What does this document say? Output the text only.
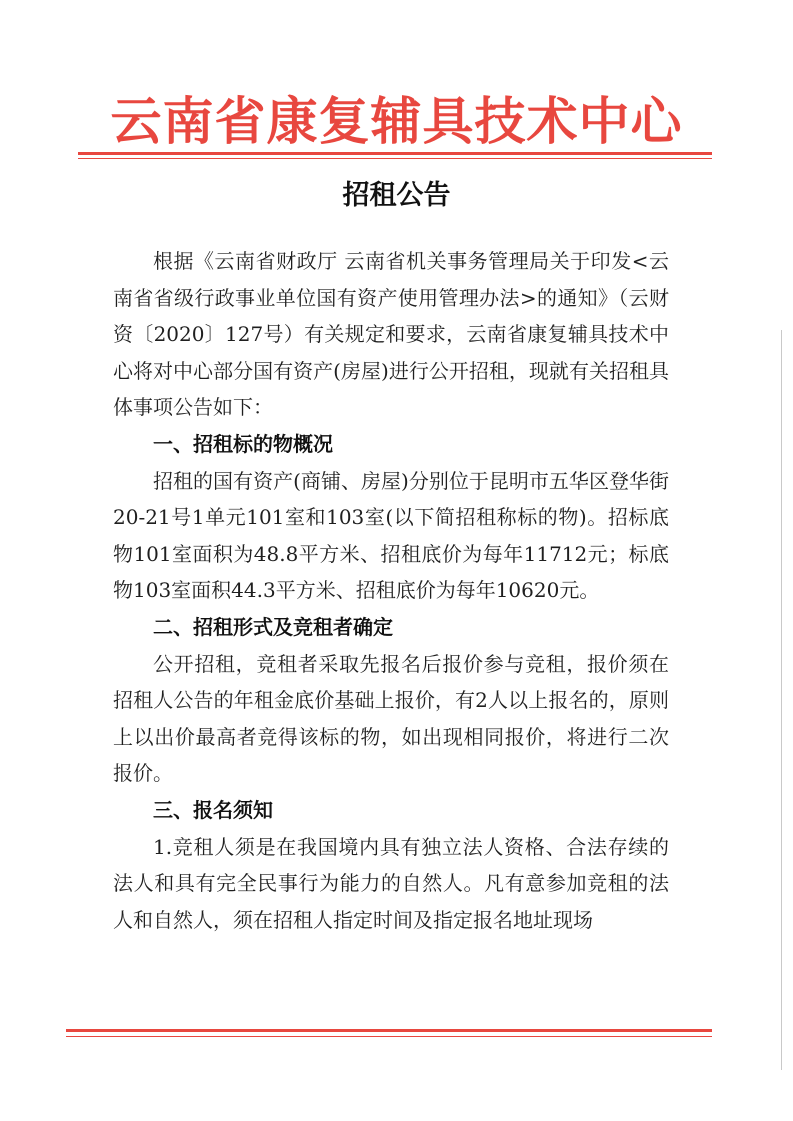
云南省康复辅具技术中心
招租公告

根据《云南省财政厅 云南省机关事务管理局关于印发<云南省省级行政事业单位国有资产使用管理办法>的通知》（云财资〔2020〕127号）有关规定和要求，云南省康复辅具技术中心将对中心部分国有资产(房屋)进行公开招租，现就有关招租具体事项公告如下：

一、招租标的物概况

招租的国有资产(商铺、房屋)分别位于昆明市五华区登华街20-21号1单元101室和103室(以下简招租称标的物)。招标底物101室面积为48.8平方米、招租底价为每年11712元；标底物103室面积44.3平方米、招租底价为每年10620元。

二、招租形式及竞租者确定

公开招租，竞租者采取先报名后报价参与竞租，报价须在招租人公告的年租金底价基础上报价，有2人以上报名的，原则上以出价最高者竞得该标的物，如出现相同报价，将进行二次报价。

三、报名须知

1.竞租人须是在我国境内具有独立法人资格、合法存续的法人和具有完全民事行为能力的自然人。凡有意参加竞租的法人和自然人，须在招租人指定时间及指定报名地址现场
